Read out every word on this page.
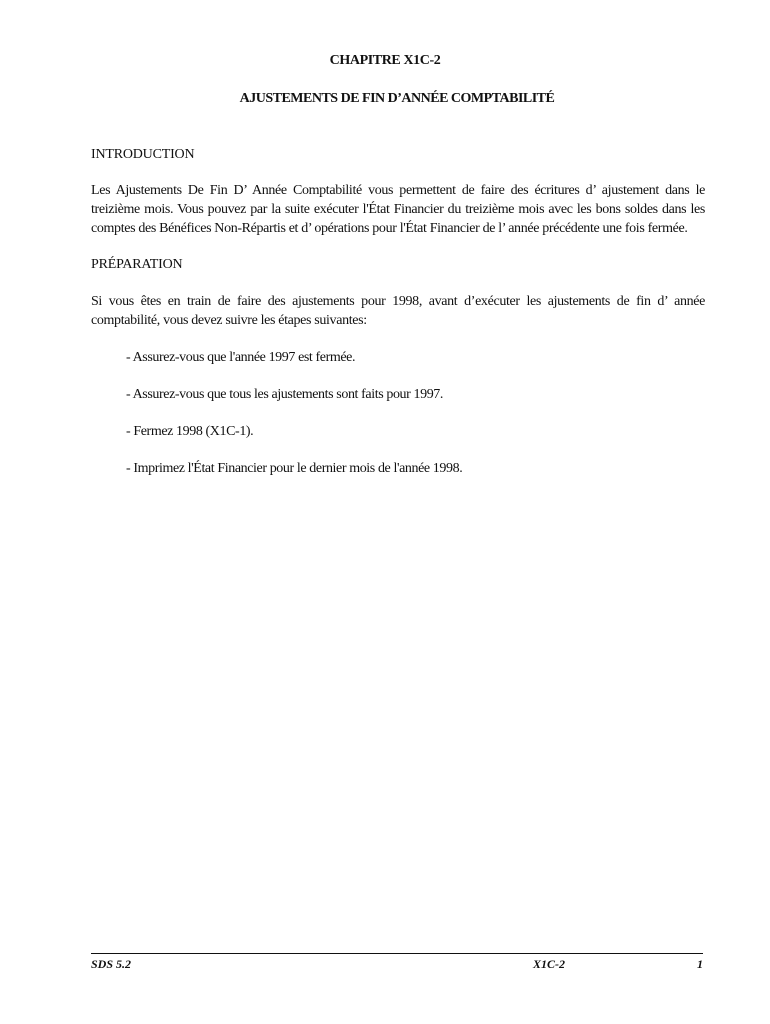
CHAPITRE X1C-2
AJUSTEMENTS DE FIN D’ANNÉE COMPTABILITÉ

INTRODUCTION

Les Ajustements De Fin D’ Année Comptabilité vous permettent de faire des écritures d’ ajustement dans le treizième mois. Vous pouvez par la suite exécuter l'État Financier du treizième mois avec les bons soldes dans les comptes des Bénéfices Non-Répartis et d’ opérations pour l'État Financier de l’ année précédente une fois fermée.

PRÉPARATION

Si vous êtes en train de faire des ajustements pour 1998, avant d’exécuter les ajustements de fin d’ année comptabilité, vous devez suivre les étapes suivantes:

- Assurez-vous que l'année 1997 est fermée.
- Assurez-vous que tous les ajustements sont faits pour 1997.
- Fermez 1998 (X1C-1).
- Imprimez l'État Financier pour le dernier mois de l'année 1998.
SDS 5.2	X1C-2	1
